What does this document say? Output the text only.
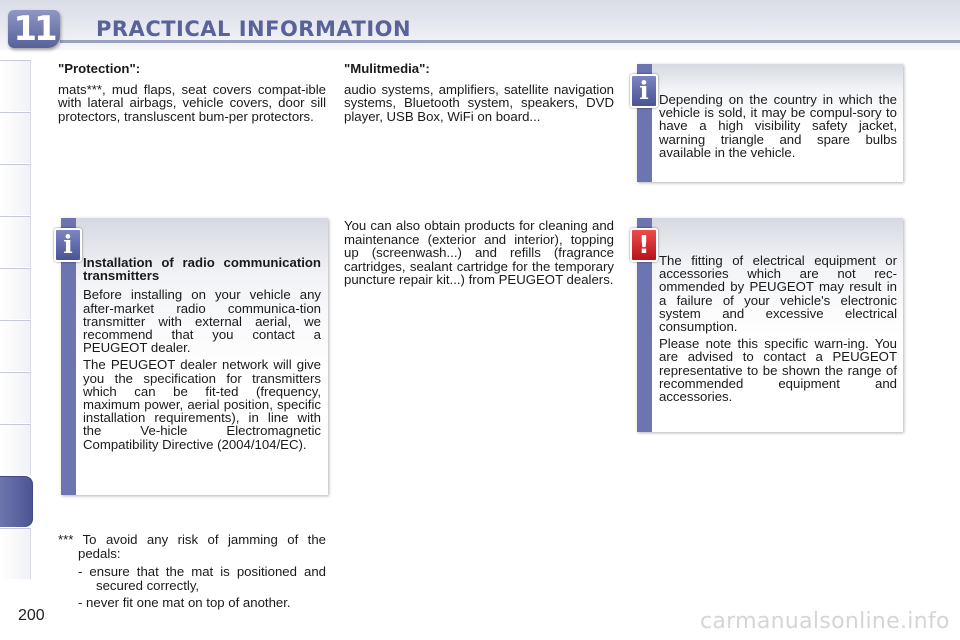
11 PRACTICAL INFORMATION

"Protection":

mats***, mud flaps, seat covers compat-ible with lateral airbags, vehicle covers, door sill protectors, transluscent bum-per protectors.

"Mulitmedia":

audio systems, amplifiers, satellite navigation systems, Bluetooth system, speakers, DVD player, USB Box, WiFi on board...

You can also obtain products for cleaning and maintenance (exterior and interior), topping up (screenwash...) and refills (fragrance cartridges, sealant cartridge for the temporary puncture repair kit...) from PEUGEOT dealers.

i Depending on the country in which the vehicle is sold, it may be compul-sory to have a high visibility safety jacket, warning triangle and spare bulbs available in the vehicle.

i

Installation of radio communication transmitters

Before installing on your vehicle any after-market radio communica-tion transmitter with external aerial, we recommend that you contact a PEUGEOT dealer.

The PEUGEOT dealer network will give you the specification for transmitters which can be fit-ted (frequency, maximum power, aerial position, specific installation requirements), in line with the Ve-hicle Electromagnetic Compatibility Directive (2004/104/EC).

!

The fitting of electrical equipment or accessories which are not rec-ommended by PEUGEOT may result in a failure of your vehicle's electronic system and excessive electrical consumption.

Please note this specific warn-ing. You are advised to contact a PEUGEOT representative to be shown the range of recommended equipment and accessories.

*** To avoid any risk of jamming of the pedals:

- ensure that the mat is positioned and secured correctly,

- never fit one mat on top of another.

200	carmanualsonline.info
